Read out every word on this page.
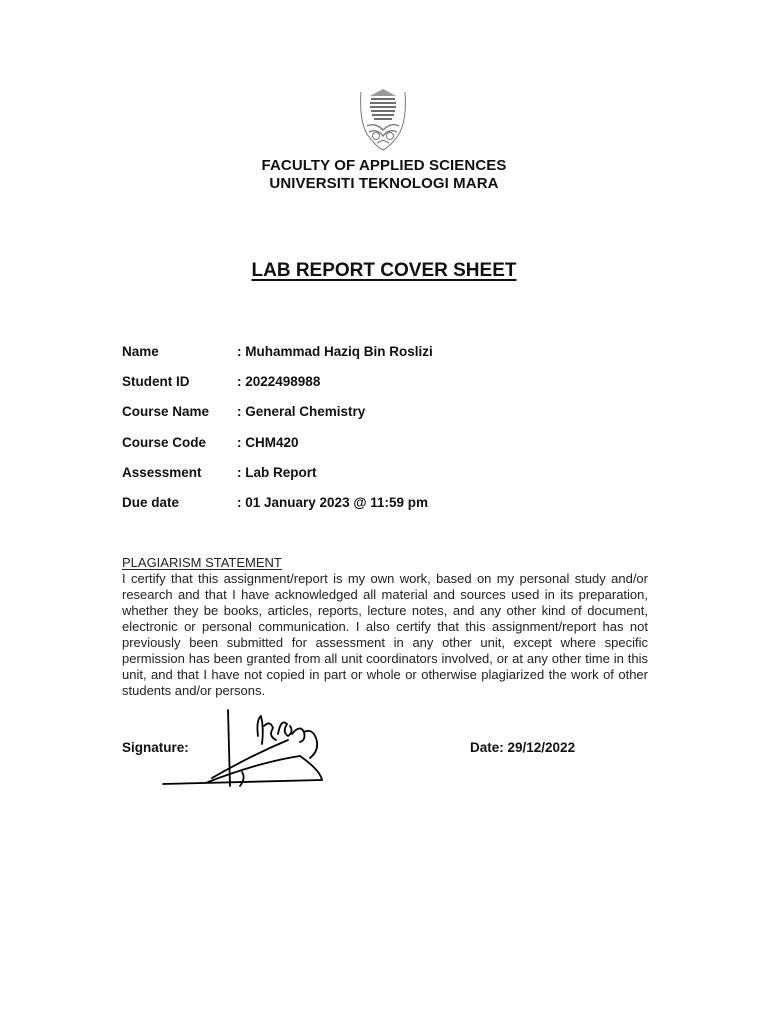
FACULTY OF APPLIED SCIENCES
UNIVERSITI TEKNOLOGI MARA
LAB REPORT COVER SHEET
Name	: Muhammad Haziq Bin Roslizi
Student ID	: 2022498988
Course Name : General Chemistry
Course Code : CHM420
Assessment	: Lab Report
Due date	: 01 January 2023 @ 11:59 pm
PLAGIARISM STATEMENT
I certify that this assignment/report is my own work, based on my personal study and/or research and that I have acknowledged all material and sources used in its preparation, whether they be books, articles, reports, lecture notes, and any other kind of document, electronic or personal communication. I also certify that this assignment/report has not previously been submitted for assessment in any other unit, except where specific permission has been granted from all unit coordinators involved, or at any other time in this unit, and that I have not copied in part or whole or otherwise plagiarized the work of other students and/or persons.
Signature:	Date: 29/12/2022
